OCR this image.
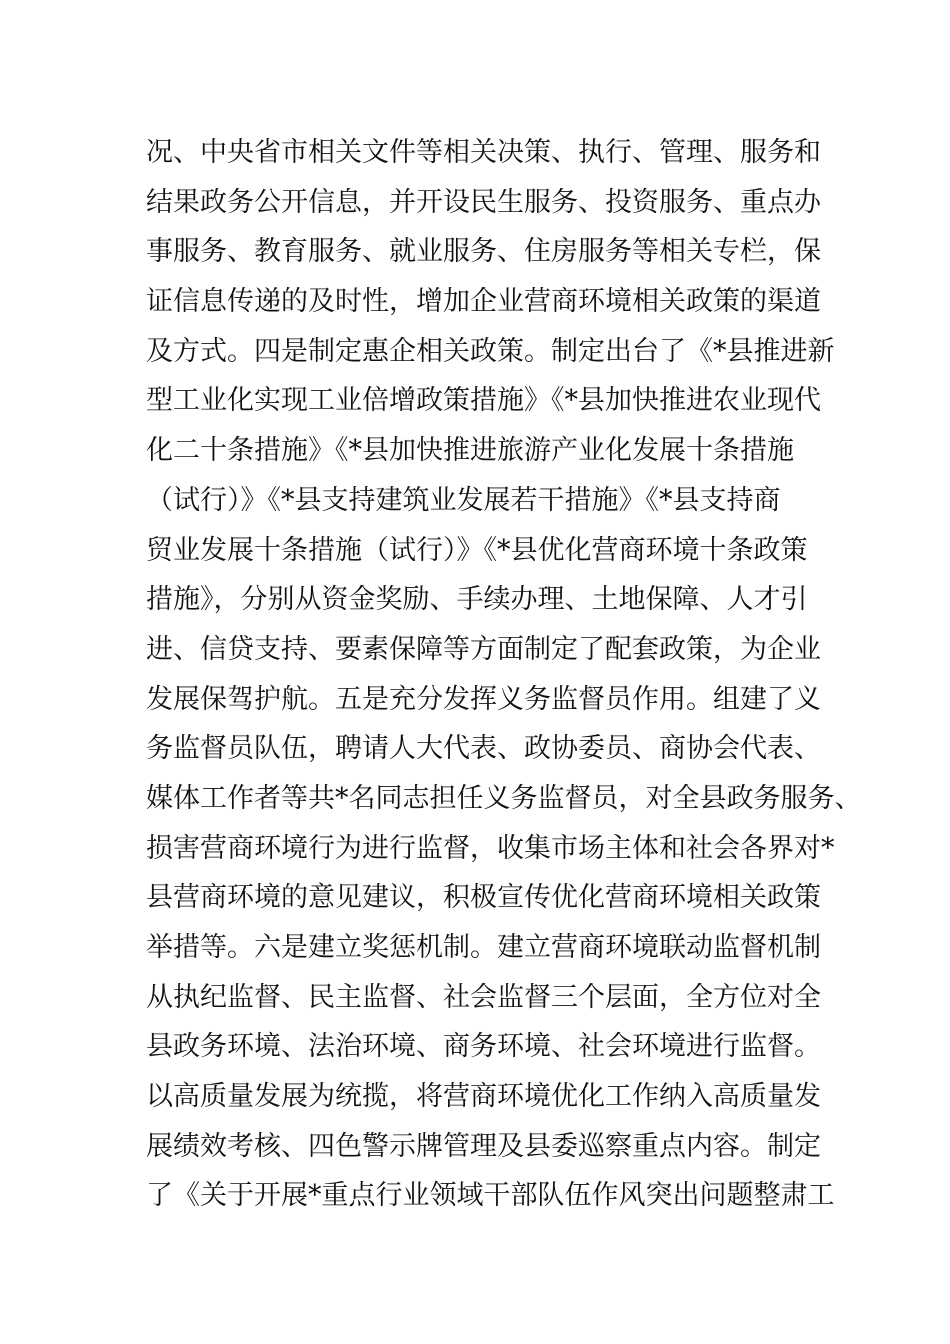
况、中央省市相关文件等相关决策、执行、管理、服务和
结果政务公开信息，并开设民生服务、投资服务、重点办
事服务、教育服务、就业服务、住房服务等相关专栏，保
证信息传递的及时性，增加企业营商环境相关政策的渠道
及方式。四是制定惠企相关政策。制定出台了《*县推进新
型工业化实现工业倍增政策措施》《*县加快推进农业现代
化二十条措施》《*县加快推进旅游产业化发展十条措施
（试行）》《*县支持建筑业发展若干措施》《*县支持商
贸业发展十条措施（试行）》《*县优化营商环境十条政策
措施》，分别从资金奖励、手续办理、土地保障、人才引
进、信贷支持、要素保障等方面制定了配套政策，为企业
发展保驾护航。五是充分发挥义务监督员作用。组建了义
务监督员队伍，聘请人大代表、政协委员、商协会代表、
媒体工作者等共*名同志担任义务监督员，对全县政务服务、
损害营商环境行为进行监督，收集市场主体和社会各界对*
县营商环境的意见建议，积极宣传优化营商环境相关政策
举措等。六是建立奖惩机制。建立营商环境联动监督机制
从执纪监督、民主监督、社会监督三个层面，全方位对全
县政务环境、法治环境、商务环境、社会环境进行监督。
以高质量发展为统揽，将营商环境优化工作纳入高质量发
展绩效考核、四色警示牌管理及县委巡察重点内容。制定
了《关于开展*重点行业领域干部队伍作风突出问题整肃工
